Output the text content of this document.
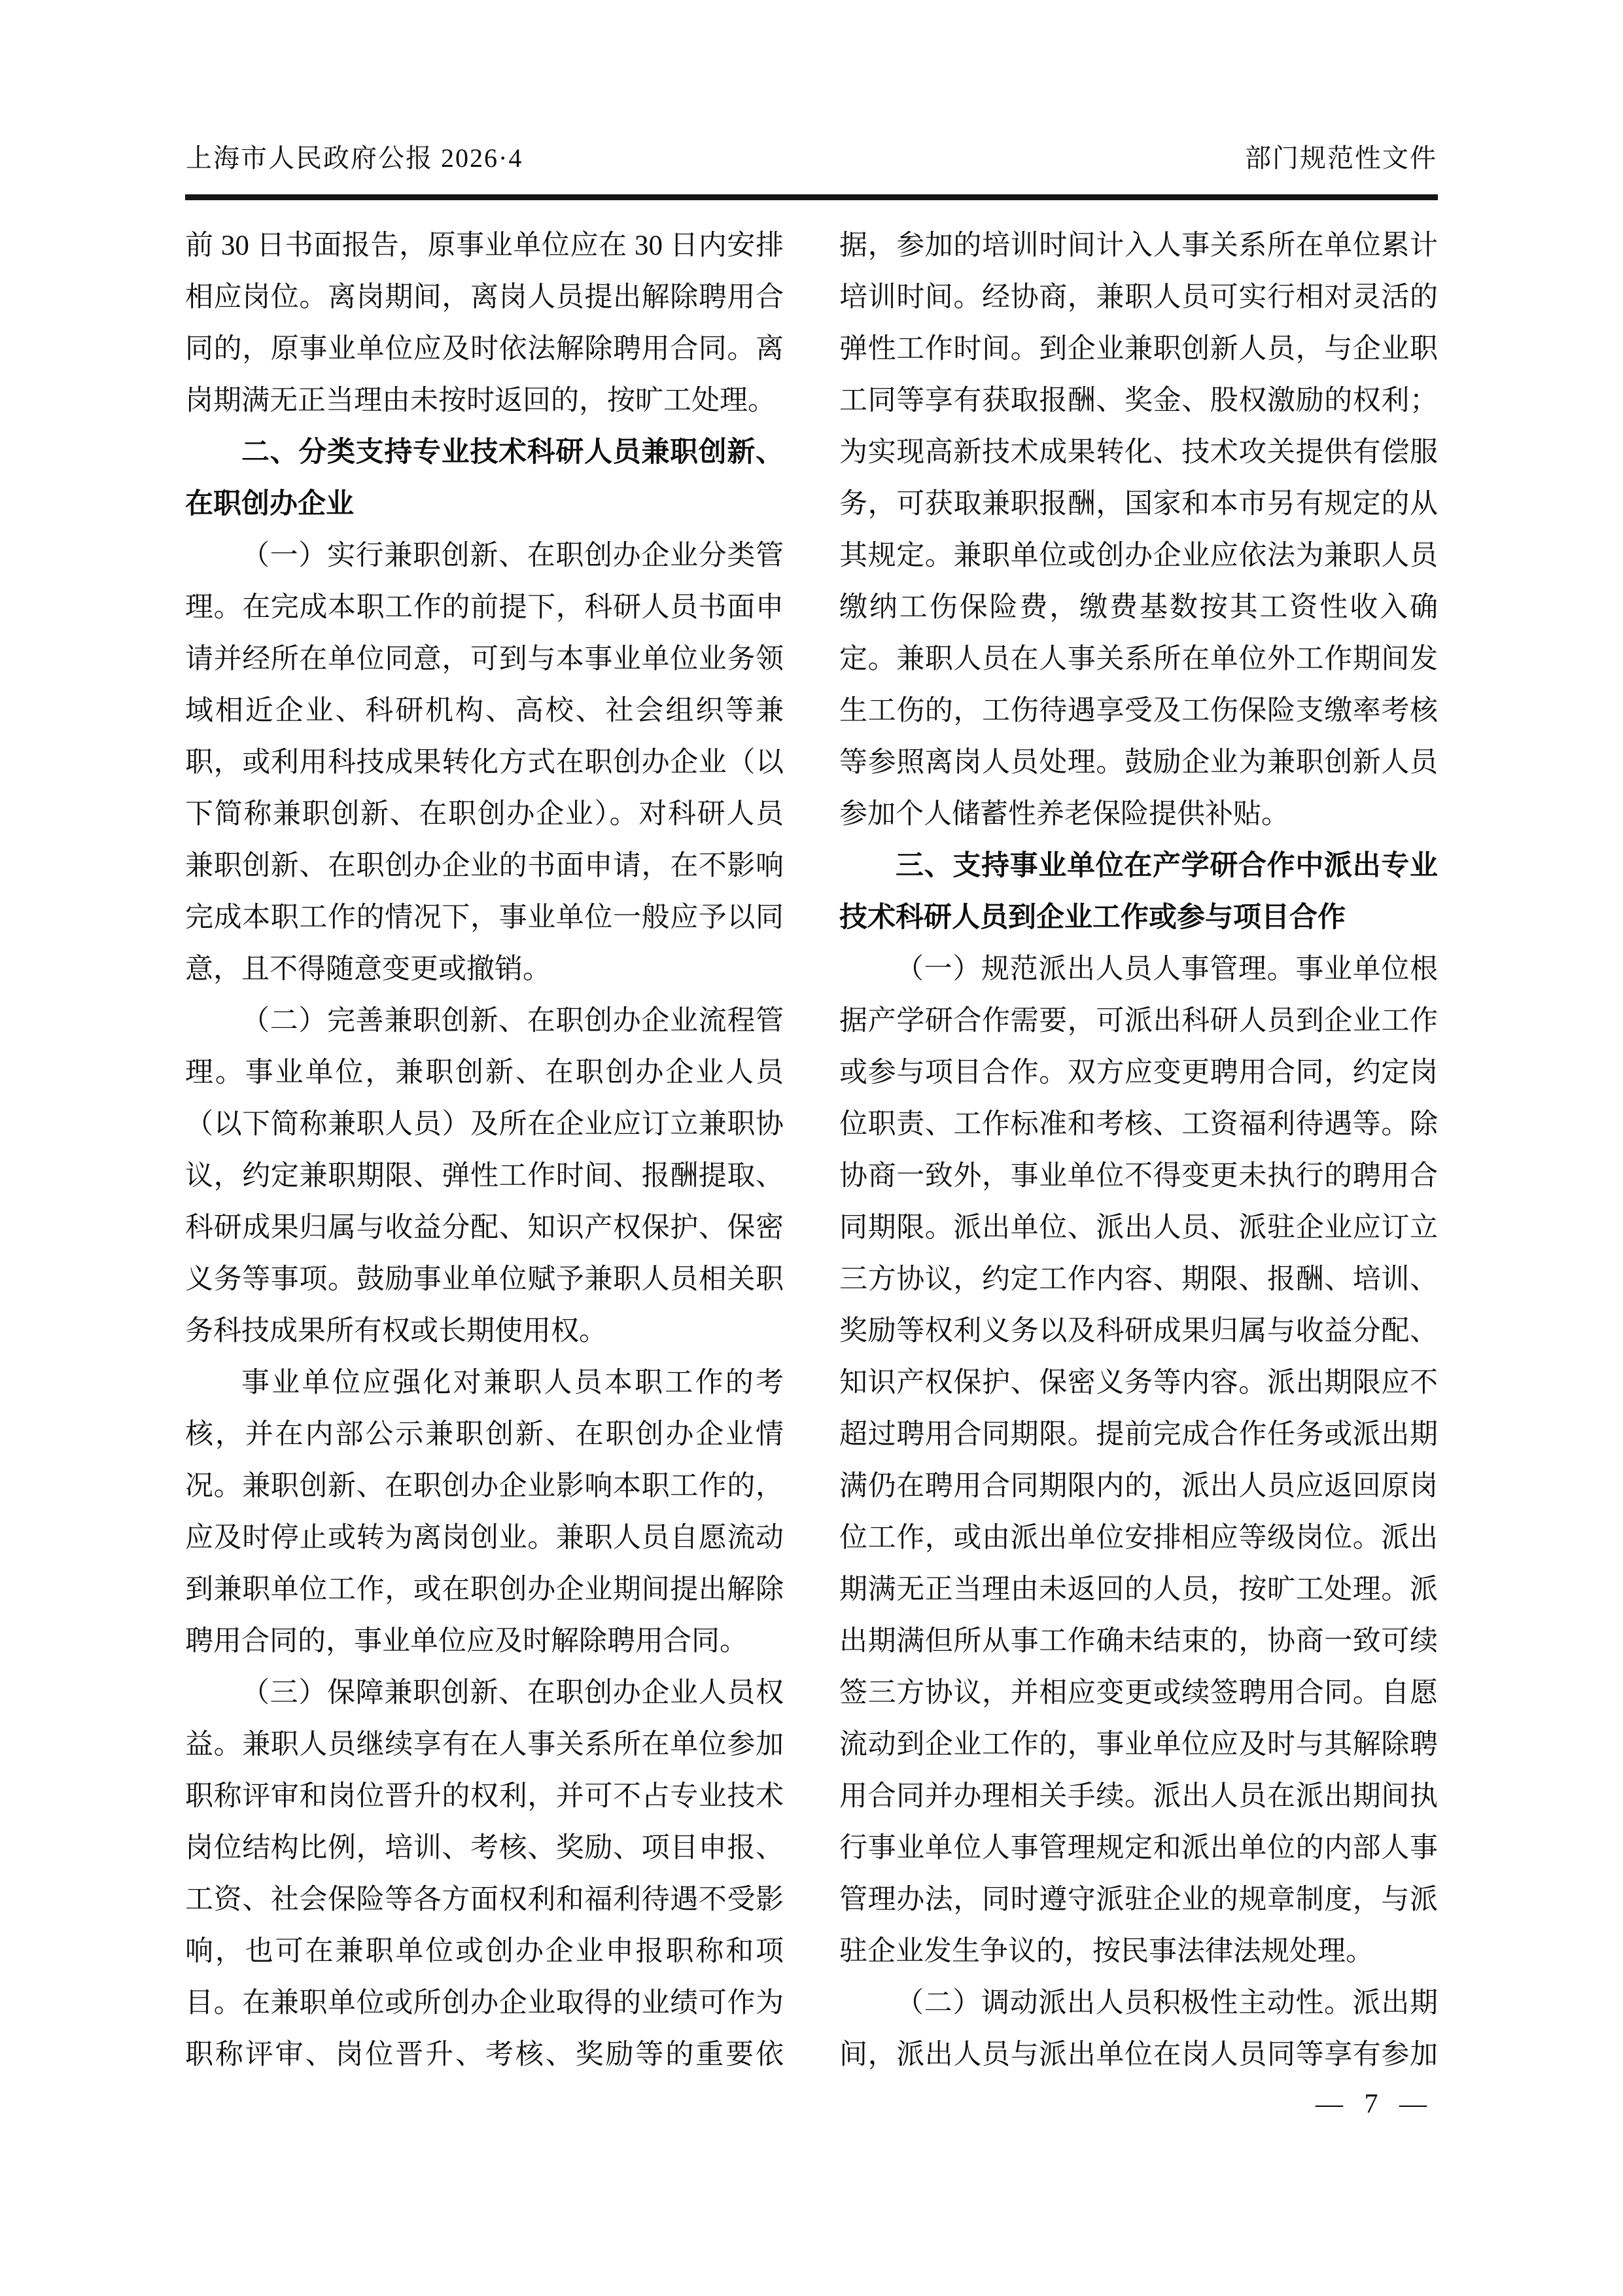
上海市人民政府公报 2026·4	部门规范性文件
前 30 日书面报告，原事业单位应在 30 日内安排
相应岗位。离岗期间，离岗人员提出解除聘用合
同的，原事业单位应及时依法解除聘用合同。离
岗期满无正当理由未按时返回的，按旷工处理。
二、分类支持专业技术科研人员兼职创新、
在职创办企业
（一）实行兼职创新、在职创办企业分类管
理。在完成本职工作的前提下，科研人员书面申
请并经所在单位同意，可到与本事业单位业务领
域相近企业、科研机构、高校、社会组织等兼
职，或利用科技成果转化方式在职创办企业（以
下简称兼职创新、在职创办企业）。对科研人员
兼职创新、在职创办企业的书面申请，在不影响
完成本职工作的情况下，事业单位一般应予以同
意，且不得随意变更或撤销。
（二）完善兼职创新、在职创办企业流程管
理。事业单位，兼职创新、在职创办企业人员
（以下简称兼职人员）及所在企业应订立兼职协
议，约定兼职期限、弹性工作时间、报酬提取、
科研成果归属与收益分配、知识产权保护、保密
义务等事项。鼓励事业单位赋予兼职人员相关职
务科技成果所有权或长期使用权。
事业单位应强化对兼职人员本职工作的考
核，并在内部公示兼职创新、在职创办企业情
况。兼职创新、在职创办企业影响本职工作的，
应及时停止或转为离岗创业。兼职人员自愿流动
到兼职单位工作，或在职创办企业期间提出解除
聘用合同的，事业单位应及时解除聘用合同。
（三）保障兼职创新、在职创办企业人员权
益。兼职人员继续享有在人事关系所在单位参加
职称评审和岗位晋升的权利，并可不占专业技术
岗位结构比例，培训、考核、奖励、项目申报、
工资、社会保险等各方面权利和福利待遇不受影
响，也可在兼职单位或创办企业申报职称和项
目。在兼职单位或所创办企业取得的业绩可作为
职称评审、岗位晋升、考核、奖励等的重要依
据，参加的培训时间计入人事关系所在单位累计
培训时间。经协商，兼职人员可实行相对灵活的
弹性工作时间。到企业兼职创新人员，与企业职
工同等享有获取报酬、奖金、股权激励的权利；
为实现高新技术成果转化、技术攻关提供有偿服
务，可获取兼职报酬，国家和本市另有规定的从
其规定。兼职单位或创办企业应依法为兼职人员
缴纳工伤保险费，缴费基数按其工资性收入确
定。兼职人员在人事关系所在单位外工作期间发
生工伤的，工伤待遇享受及工伤保险支缴率考核
等参照离岗人员处理。鼓励企业为兼职创新人员
参加个人储蓄性养老保险提供补贴。
三、支持事业单位在产学研合作中派出专业
技术科研人员到企业工作或参与项目合作
（一）规范派出人员人事管理。事业单位根
据产学研合作需要，可派出科研人员到企业工作
或参与项目合作。双方应变更聘用合同，约定岗
位职责、工作标准和考核、工资福利待遇等。除
协商一致外，事业单位不得变更未执行的聘用合
同期限。派出单位、派出人员、派驻企业应订立
三方协议，约定工作内容、期限、报酬、培训、
奖励等权利义务以及科研成果归属与收益分配、
知识产权保护、保密义务等内容。派出期限应不
超过聘用合同期限。提前完成合作任务或派出期
满仍在聘用合同期限内的，派出人员应返回原岗
位工作，或由派出单位安排相应等级岗位。派出
期满无正当理由未返回的人员，按旷工处理。派
出期满但所从事工作确未结束的，协商一致可续
签三方协议，并相应变更或续签聘用合同。自愿
流动到企业工作的，事业单位应及时与其解除聘
用合同并办理相关手续。派出人员在派出期间执
行事业单位人事管理规定和派出单位的内部人事
管理办法，同时遵守派驻企业的规章制度，与派
驻企业发生争议的，按民事法律法规处理。
（二）调动派出人员积极性主动性。派出期
间，派出人员与派出单位在岗人员同等享有参加
— 7 —
